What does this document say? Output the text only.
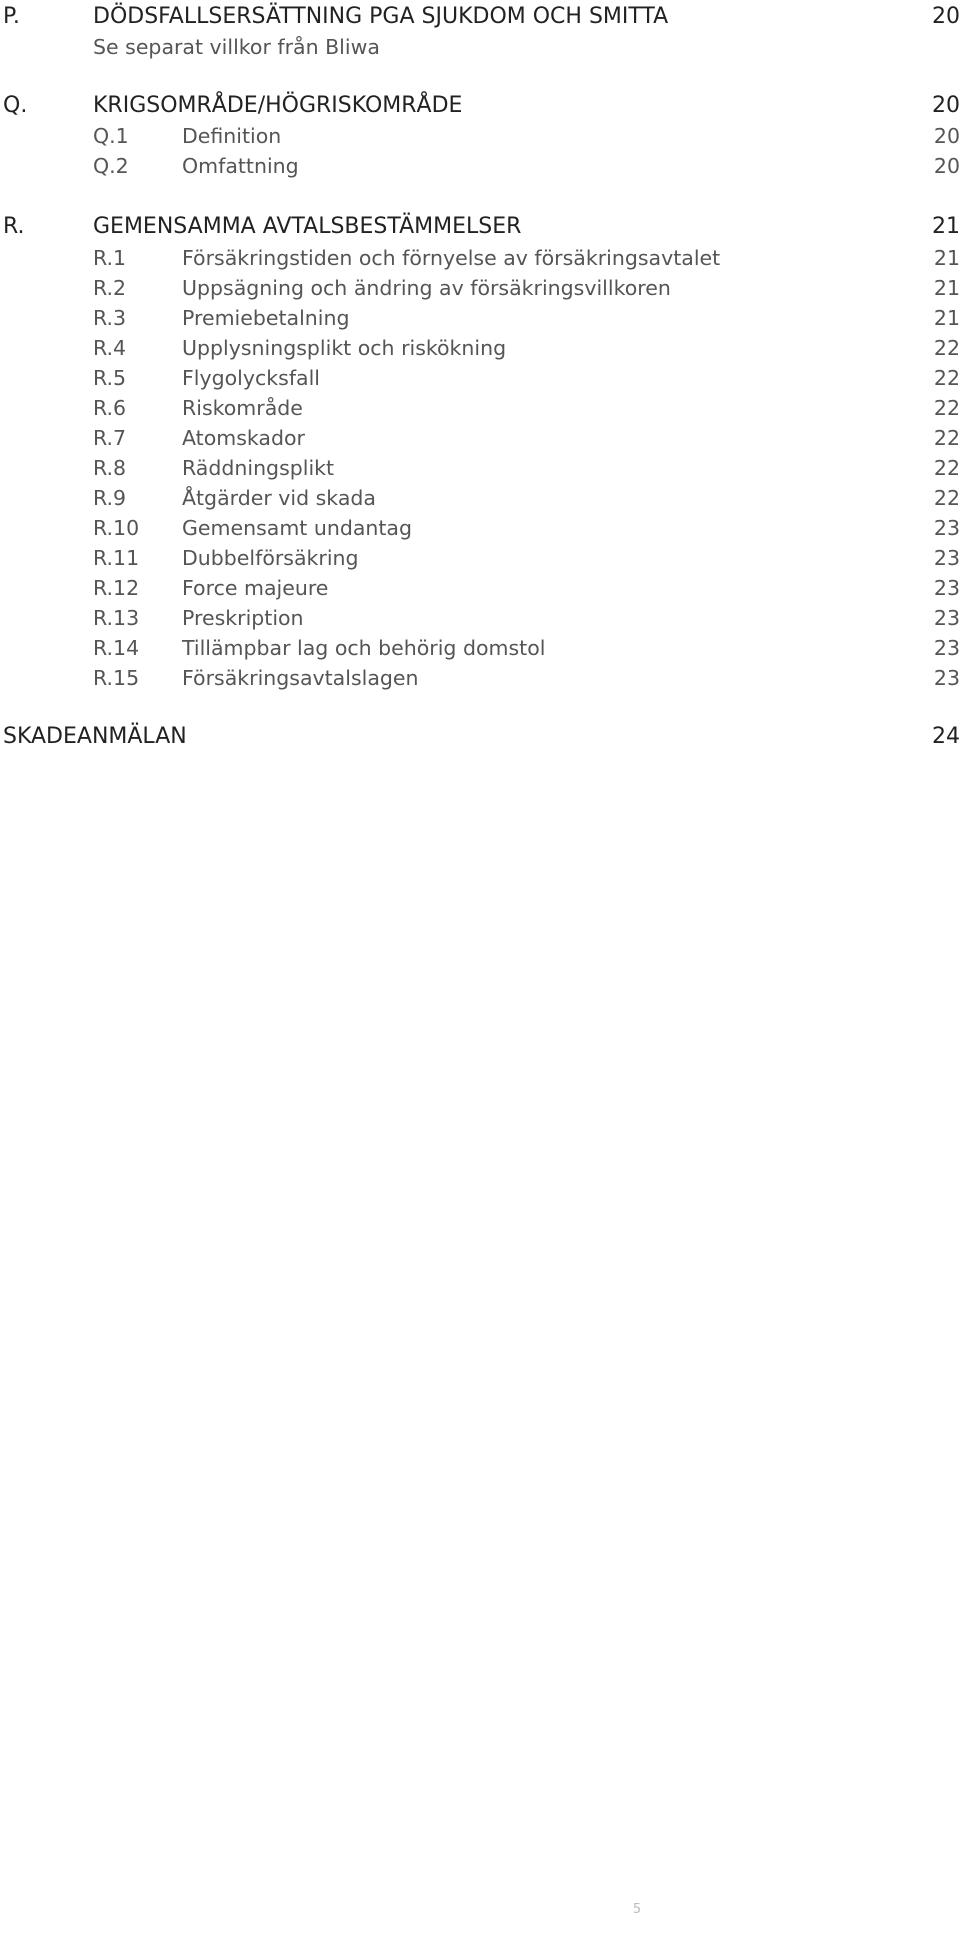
P.	DÖDSFALLSERSÄTTNING PGA SJUKDOM OCH SMITTA	20
Se separat villkor från Bliwa
Q.	KRIGSOMRÅDE/HÖGRISKOMRÅDE	20
Q.1	Definition	20
Q.2	Omfattning	20
R.	GEMENSAMMA AVTALSBESTÄMMELSER	21
R.1	Försäkringstiden och förnyelse av försäkringsavtalet	21
R.2	Uppsägning och ändring av försäkringsvillkoren	21
R.3	Premiebetalning	21
R.4	Upplysningsplikt och riskökning	22
R.5	Flygolycksfall	22
R.6	Riskområde	22
R.7	Atomskador	22
R.8	Räddningsplikt	22
R.9	Åtgärder vid skada	22
R.10 Gemensamt undantag	23
R.11 Dubbelförsäkring	23
R.12 Force majeure	23
R.13 Preskription	23
R.14 Tillämpbar lag och behörig domstol	23
R.15 Försäkringsavtalslagen	23
SKADEANMÄLAN	24
5
